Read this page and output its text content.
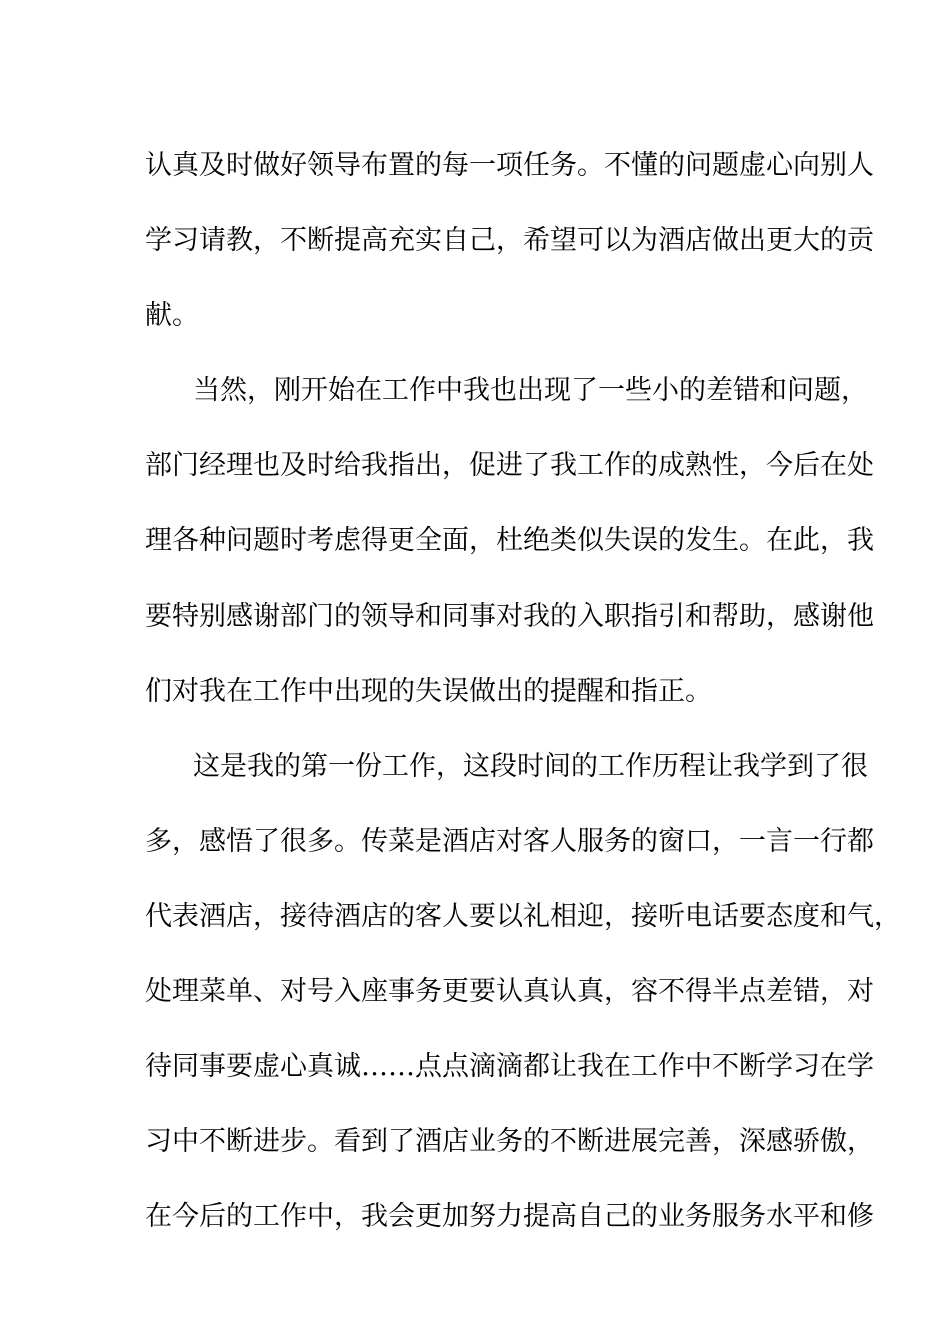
认真及时做好领导布置的每一项任务。不懂的问题虚心向别人
学习请教，不断提高充实自己，希望可以为酒店做出更大的贡
献。
当然，刚开始在工作中我也出现了一些小的差错和问题，
部门经理也及时给我指出，促进了我工作的成熟性，今后在处
理各种问题时考虑得更全面，杜绝类似失误的发生。在此，我
要特别感谢部门的领导和同事对我的入职指引和帮助，感谢他
们对我在工作中出现的失误做出的提醒和指正。
这是我的第一份工作，这段时间的工作历程让我学到了很
多，感悟了很多。传菜是酒店对客人服务的窗口，一言一行都
代表酒店，接待酒店的客人要以礼相迎，接听电话要态度和气，
处理菜单、对号入座事务更要认真认真，容不得半点差错，对
待同事要虚心真诚……点点滴滴都让我在工作中不断学习在学
习中不断进步。看到了酒店业务的不断进展完善，深感骄傲，
在今后的工作中，我会更加努力提高自己的业务服务水平和修
